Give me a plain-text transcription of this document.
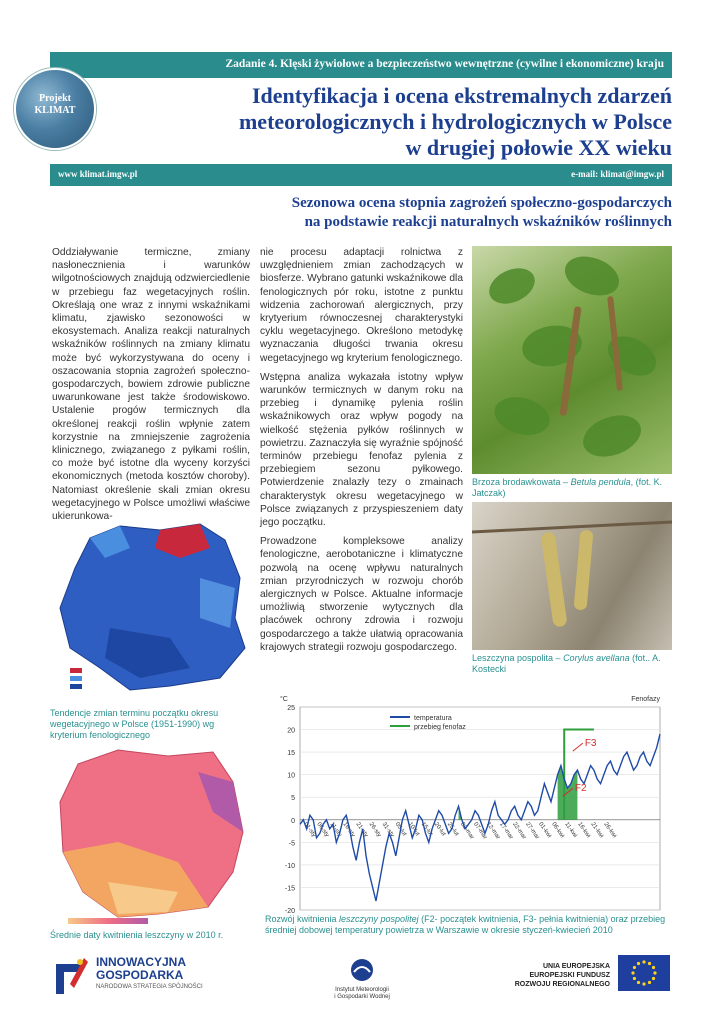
Zadanie 4. Klęski żywiołowe a bezpieczeństwo wewnętrzne (cywilne i ekonomiczne) kraju
Projekt
KLIMAT
Identyfikacja i ocena ekstremalnych zdarzeń
meteorologicznych i hydrologicznych w Polsce
w drugiej połowie XX wieku
www klimat.imgw.pl	e-mail: klimat@imgw.pl
Sezonowa ocena stopnia zagrożeń społeczno-gospodarczych
na podstawie reakcji naturalnych wskaźników roślinnych

Oddziaływanie termiczne, zmiany nasłonecznienia i warunków wilgotnościowych znajdują odzwierciedlenie w przebiegu faz wegetacyjnych roślin. Określają one wraz z innymi wskaźnikami klimatu, zjawisko sezonowości w ekosystemach. Analiza reakcji naturalnych wskaźników roślinnych na zmiany klimatu może być wykorzystywana do oceny i oszacowania stopnia zagrożeń społeczno-gospodarczych, bowiem zdrowie publiczne uwarunkowane jest także środowiskowo. Ustalenie progów termicznych dla określonej reakcji roślin wpłynie zatem korzystnie na zmniejszenie zagrożenia klinicznego, związanego z pyłkami roślin, co może być istotne dla wyceny korzyści ekonomicznych (metoda kosztów choroby). Natomiast określenie skali zmian okresu wegetacyjnego w Polsce umożliwi właściwe ukierunkowa-

nie procesu adaptacji rolnictwa z uwzględnieniem zmian zachodzących w biosferze. Wybrano gatunki wskaźnikowe dla fenologicznych pór roku, istotne z punktu widzenia zachorowań alergicznych, przy krytyerium równoczesnej charakterystyki cyklu wegetacyjnego. Określono metodykę wyznaczania długości trwania okresu wegetacyjnego wg kryterium fenologicznego.

Wstępna analiza wykazała istotny wpływ warunków termicznych w danym roku na przebieg i dynamikę pylenia roślin wskaźnikowych oraz wpływ pogody na wielkość stężenia pyłków roślinnych w powietrzu. Zaznaczyła się wyraźnie spójność terminów przebiegu fenofaz pylenia z przebiegiem sezonu pyłkowego. Potwierdzenie znalazły tezy o zmainach charakterystyk okresu wegetacyjnego w Polsce związanych z przyspieszeniem daty jego początku.

Prowadzone kompleksowe analizy fenologiczne, aerobotaniczne i klimatyczne pozwolą na ocenę wpływu naturalnych zmian przyrodniczych w rozwoju chorób alergicznych w Polsce. Aktualne informacje umożliwią stworzenie wytycznych dla placówek ochrony zdrowia i rozwoju gospodarczego a także ułatwią opracowania krajowych strategii rozwoju gospodarczego.

Brzoza brodawkowata – Betula pendula, (fot. K. Jatczak)
Leszczyna pospolita – Corylus avellana (fot.. A. Kostecki
Tendencje zmian terminu początku okresu wegetacyjnego w Polsce (1951-1990) wg kryterium fenologicznego
Średnie daty kwitnienia leszczyny w 2010 r.
-20
-15
-10
-5
0
5
10
15
20
25
°C	Fenofazy
01-sty
06-sty
11-sty 16-sty
21-sty
26-sty
31-sty
05-lut 10-lut 15-lut 20-lut 25-lut 02-mar
07-mar
12-mar
17-mar
22-mar
27-mar
01-kwi
06-kwi
11-kwi
16-kwi
21-kwi
26-kwi
temperatura
przebieg fenofaz
F3
F2
Rozwój kwitnienia leszczyny pospolitej (F2- początek kwitnienia, F3- pełnia kwitnienia) oraz przebieg średniej dobowej temperatury powietrza w Warszawie w okresie styczeń-kwiecień 2010
INNOWACYJNA
GOSPODARKA
NARODOWA STRATEGIA SPÓJNOŚCI	Instytut Meteorologii
i Gospodarki Wodnej
UNIA EUROPEJSKA
EUROPEJSKI FUNDUSZ
ROZWOJU REGIONALNEGO
